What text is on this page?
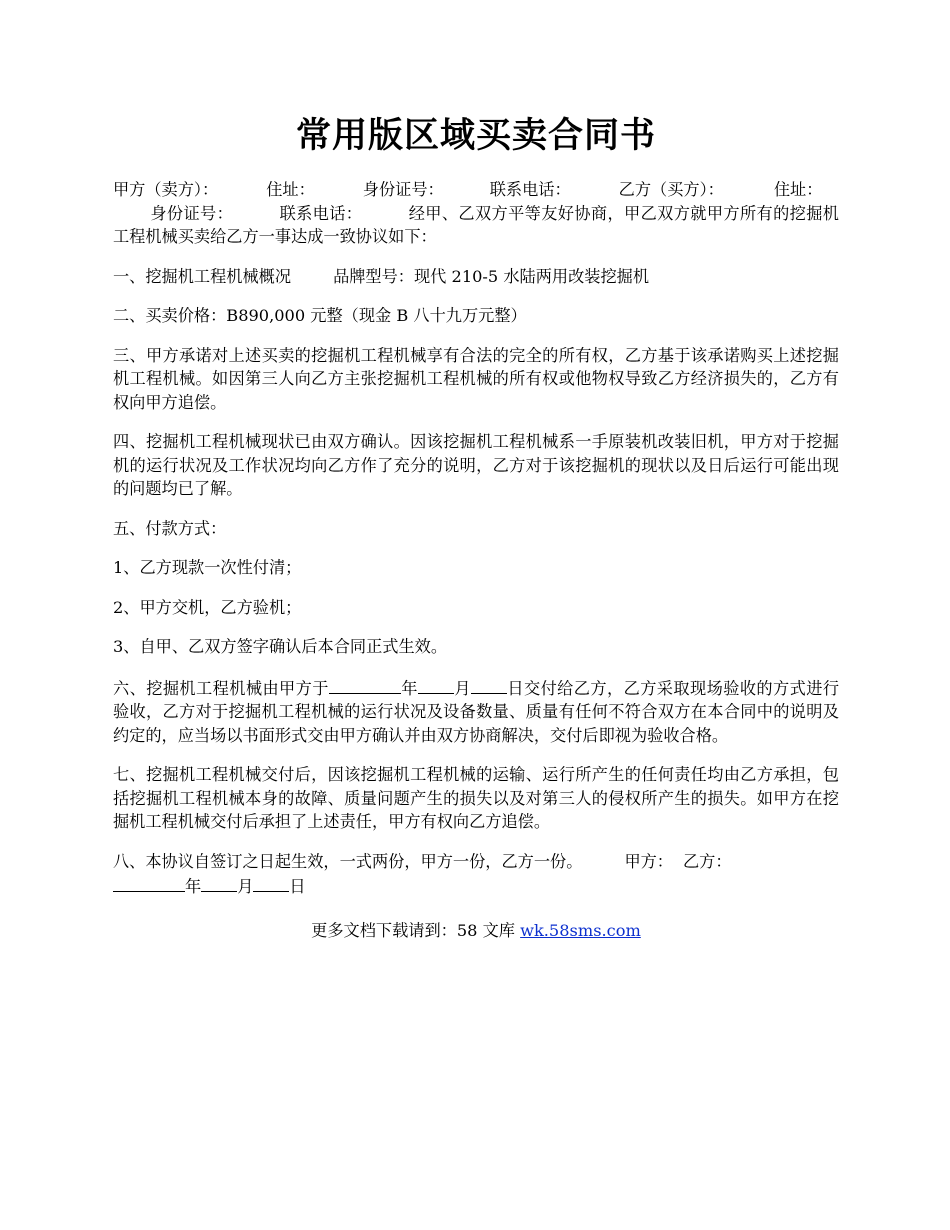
常用版区域买卖合同书

甲方（卖方）：	住址：	身份证号：	联系电话：	乙方（买方）：	住址：
身份证号：	联系电话：	经甲、乙双方平等友好协商，甲乙双方就甲方所有的挖掘机工程机械买卖给乙方一事达成一致协议如下：

一、挖掘机工程机械概况	品牌型号：现代 210-5 水陆两用改装挖掘机

二、买卖价格：B890,000 元整（现金 B 八十九万元整）

三、甲方承诺对上述买卖的挖掘机工程机械享有合法的完全的所有权，乙方基于该承诺购买上述挖掘机工程机械。如因第三人向乙方主张挖掘机工程机械的所有权或他物权导致乙方经济损失的，乙方有权向甲方追偿。

四、挖掘机工程机械现状已由双方确认。因该挖掘机工程机械系一手原装机改装旧机，甲方对于挖掘机的运行状况及工作状况均向乙方作了充分的说明，乙方对于该挖掘机的现状以及日后运行可能出现的问题均已了解。

五、付款方式：

1、乙方现款一次性付清；

2、甲方交机，乙方验机；

3、自甲、乙双方签字确认后本合同正式生效。

六、挖掘机工程机械由甲方于	年 月 日交付给乙方，乙方采取现场验收的方式进行验收，乙方对于挖掘机工程机械的运行状况及设备数量、质量有任何不符合双方在本合同中的说明及约定的，应当场以书面形式交由甲方确认并由双方协商解决，交付后即视为验收合格。

七、挖掘机工程机械交付后，因该挖掘机工程机械的运输、运行所产生的任何责任均由乙方承担，包括挖掘机工程机械本身的故障、质量问题产生的损失以及对第三人的侵权所产生的损失。如甲方在挖掘机工程机械交付后承担了上述责任，甲方有权向乙方追偿。

八、本协议自签订之日起生效，一式两份，甲方一份，乙方一份。	甲方： 乙方：
年 月 日

更多文档下载请到：58 文库 wk.58sms.com
